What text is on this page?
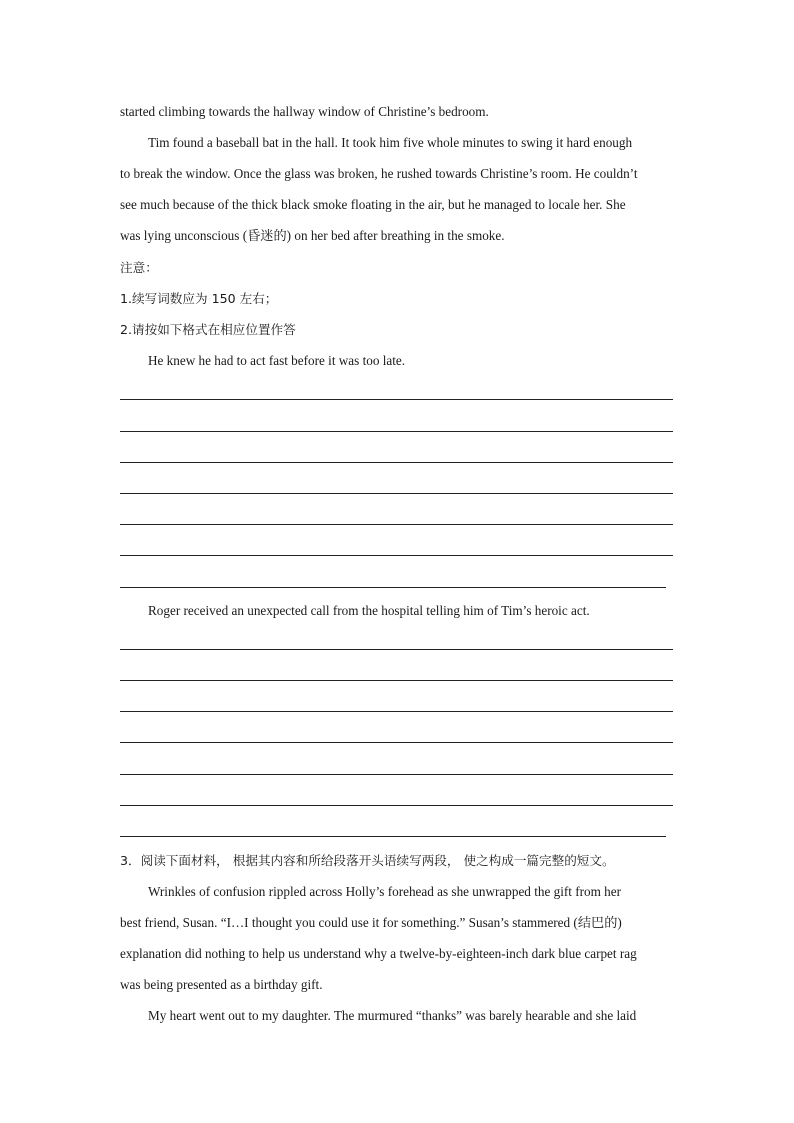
started climbing towards the hallway window of Christine’s bedroom.
Tim found a baseball bat in the hall. It took him five whole minutes to swing it hard enough
to break the window. Once the glass was broken, he rushed towards Christine’s room. He couldn’t
see much because of the thick black smoke floating in the air, but he managed to locale her. She
was lying unconscious (昏迷的) on her bed after breathing in the smoke.
注意：
1.续写词数应为 150 左右；
2.请按如下格式在相应位置作答
He knew he had to act fast before it was too late.
Roger received an unexpected call from the hospital telling him of Tim’s heroic act.
3．阅读下面材料， 根据其内容和所给段落开头语续写两段， 使之构成一篇完整的短文。
Wrinkles of confusion rippled across Holly’s forehead as she unwrapped the gift from her
best friend, Susan. “I…I thought you could use it for something.” Susan’s stammered (结巴的)
explanation did nothing to help us understand why a twelve-by-eighteen-inch dark blue carpet rag
was being presented as a birthday gift.
My heart went out to my daughter. The murmured “thanks” was barely hearable and she laid
